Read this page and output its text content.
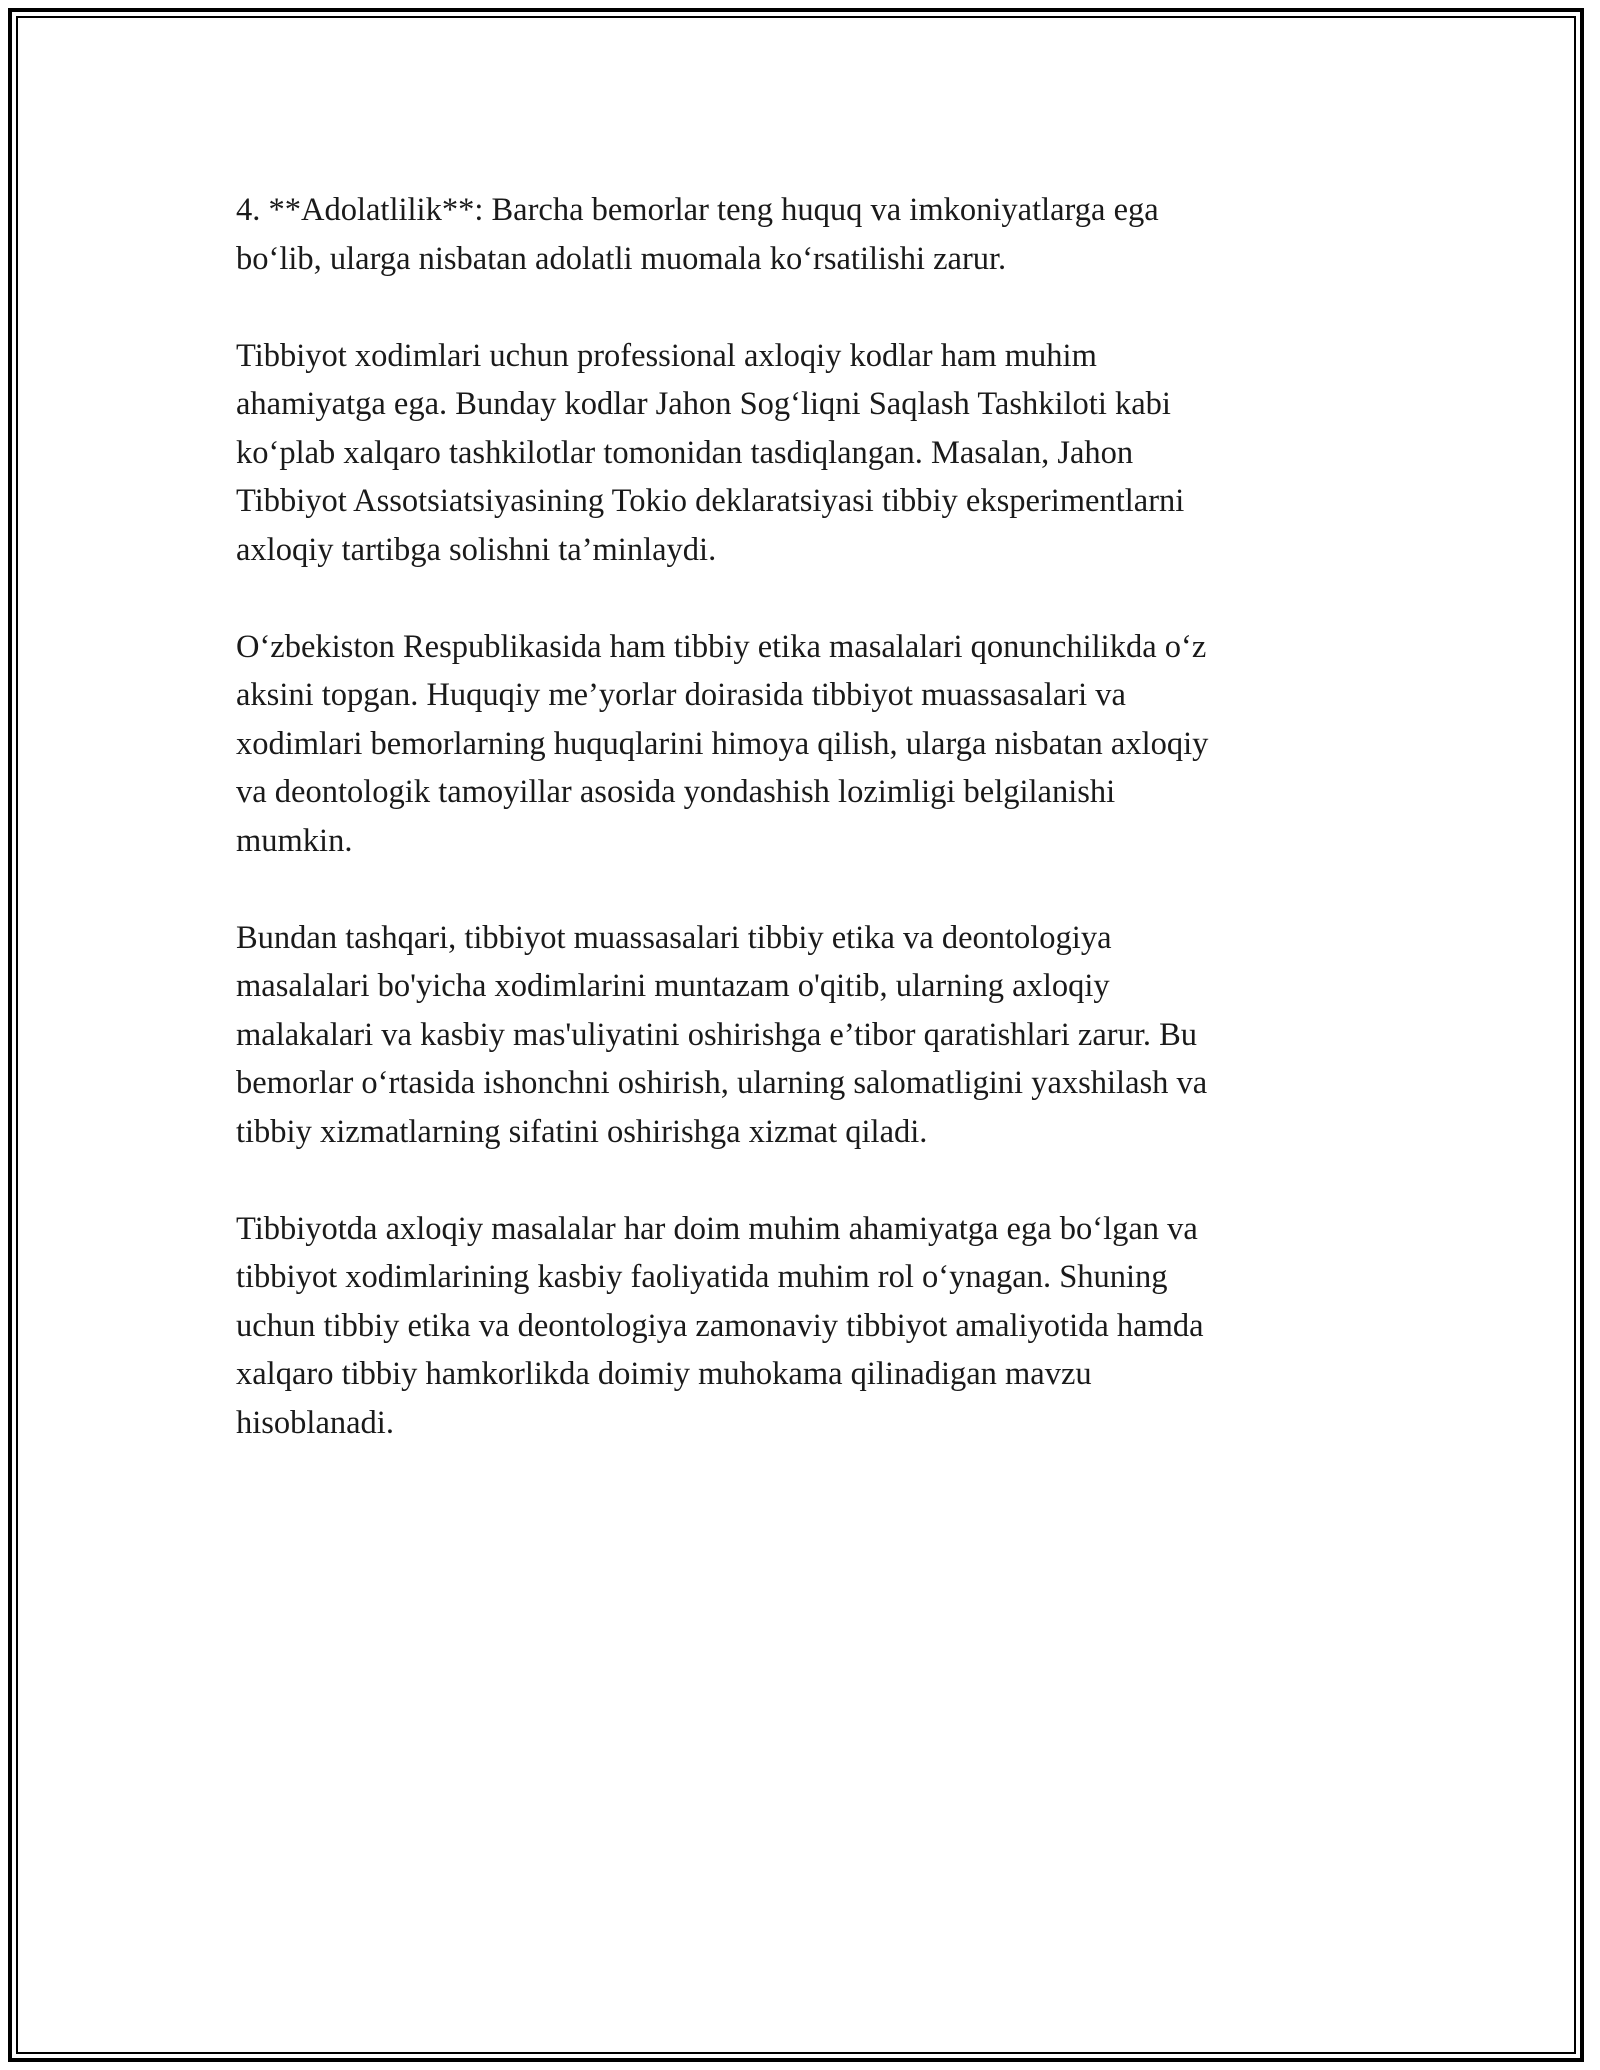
4. **Adolatlilik**: Barcha bemorlar teng huquq va imkoniyatlarga ega
bo‘lib, ularga nisbatan adolatli muomala ko‘rsatilishi zarur.

Tibbiyot xodimlari uchun professional axloqiy kodlar ham muhim
ahamiyatga ega. Bunday kodlar Jahon Sog‘liqni Saqlash Tashkiloti kabi
ko‘plab xalqaro tashkilotlar tomonidan tasdiqlangan. Masalan, Jahon
Tibbiyot Assotsiatsiyasining Tokio deklaratsiyasi tibbiy eksperimentlarni
axloqiy tartibga solishni ta’minlaydi.

O‘zbekiston Respublikasida ham tibbiy etika masalalari qonunchilikda o‘z
aksini topgan. Huquqiy me’yorlar doirasida tibbiyot muassasalari va
xodimlari bemorlarning huquqlarini himoya qilish, ularga nisbatan axloqiy
va deontologik tamoyillar asosida yondashish lozimligi belgilanishi
mumkin.

Bundan tashqari, tibbiyot muassasalari tibbiy etika va deontologiya
masalalari bo'yicha xodimlarini muntazam o'qitib, ularning axloqiy
malakalari va kasbiy mas'uliyatini oshirishga e’tibor qaratishlari zarur. Bu
bemorlar o‘rtasida ishonchni oshirish, ularning salomatligini yaxshilash va
tibbiy xizmatlarning sifatini oshirishga xizmat qiladi.

Tibbiyotda axloqiy masalalar har doim muhim ahamiyatga ega bo‘lgan va
tibbiyot xodimlarining kasbiy faoliyatida muhim rol o‘ynagan. Shuning
uchun tibbiy etika va deontologiya zamonaviy tibbiyot amaliyotida hamda
xalqaro tibbiy hamkorlikda doimiy muhokama qilinadigan mavzu
hisoblanadi.
